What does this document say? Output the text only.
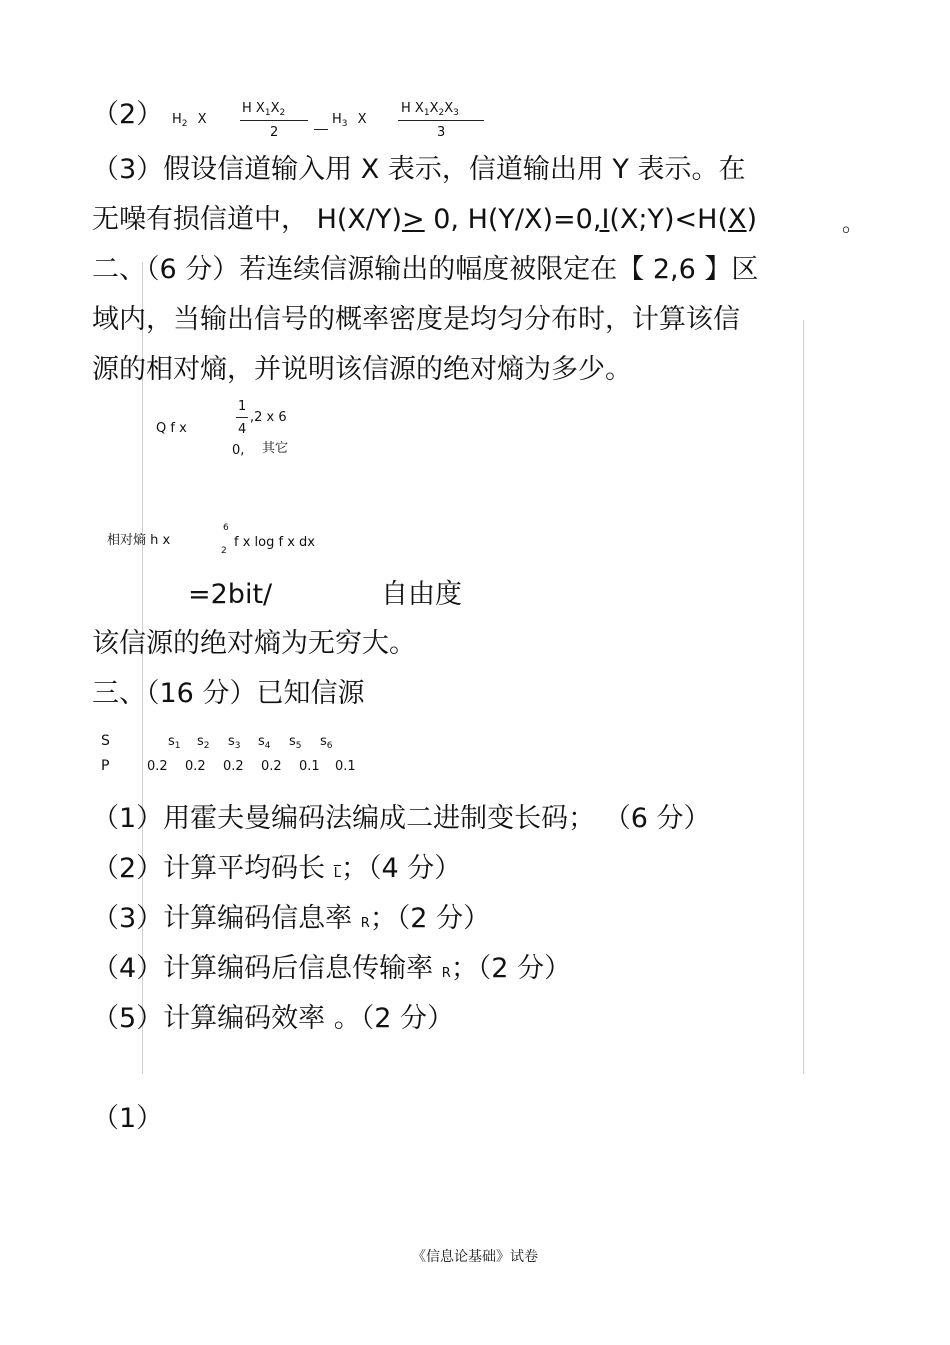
（2） $H_2$ X
H $X_1X_2$
2
$H_3$ X
H $X_1X_2X_3$
3
（3）假设信道输入用 X 表示，信道输出用 Y 表示。在
无噪有损信道中， H(X/Y)> 0, H(Y/X)=0,I(X;Y)<H(X)	。
二、（6 分）若连续信源输出的幅度被限定在【 2,6 】区
域内，当输出信号的概率密度是均匀分布时，计算该信
源的相对熵，并说明该信源的绝对熵为多少。
Q f x
1
4
,2 x 6
0, 其它
相对熵 h x
6
2
f x log f x dx
=2bit/	自由度
该信源的绝对熵为无穷大。
三、（16 分）已知信源
S
P
$s_1$ $s_2$ $s_3$ $s_4$ $s_5$ $s_6$
0.2 0.2 0.2 0.2 0.1 0.1
（1）用霍夫曼编码法编成二进制变长码； （6 分）
（2）计算平均码长 $\overline{L}$；（4 分）
（3）计算编码信息率 R；（2 分）
（4）计算编码后信息传输率 R；（2 分）
（5）计算编码效率 。（2 分）
（1）
《信息论基础》试卷
